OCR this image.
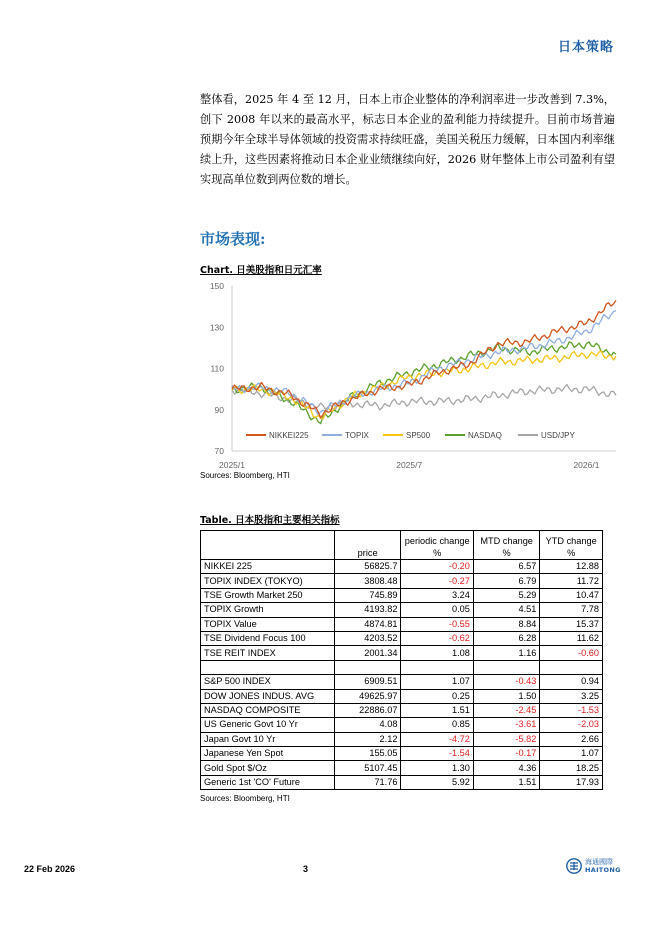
日本策略
整体看，2025 年 4 至 12 月，日本上市企业整体的净利润率进一步改善到 7.3%，创下 2008 年以来的最高水平，标志日本企业的盈利能力持续提升。目前市场普遍预期今年全球半导体领域的投资需求持续旺盛，美国关税压力缓解，日本国内利率继续上升，这些因素将推动日本企业业绩继续向好，2026 财年整体上市公司盈利有望实现高单位数到两位数的增长。
市场表现:
Chart. 日美股指和日元汇率
70
90
110
130
150
2025/1	2025/7	2026/1
NIKKEI225	TOPIX	SP500	NASDAQ	USD/JPY
Sources: Bloomberg, HTI
Table. 日本股指和主要相关指标
	price	periodic change %	MTD change %	YTD change %
NIKKEI 225	56825.7	-0.20	6.57	12.88
TOPIX INDEX (TOKYO)	3808.48	-0.27	6.79	11.72
TSE Growth Market 250	745.89	3.24	5.29	10.47
TOPIX Growth	4193.82	0.05	4.51	7.78
TOPIX Value	4874.81	-0.55	8.84	15.37
TSE Dividend Focus 100	4203.52	-0.62	6.28	11.62
TSE REIT INDEX	2001.34	1.08	1.16	-0.60

S&P 500 INDEX	6909.51	1.07	-0.43	0.94
DOW JONES INDUS. AVG	49625.97	0.25	1.50	3.25
NASDAQ COMPOSITE	22886.07	1.51	-2.45	-1.53
US Generic Govt 10 Yr	4.08	0.85	-3.61	-2.03
Japan Govt 10 Yr	2.12	-4.72	-5.82	2.66
Japanese Yen Spot	155.05	-1.54	-0.17	1.07
Gold Spot $/Oz	5107.45	1.30	4.36	18.25
Generic 1st 'CO' Future	71.76	5.92	1.51	17.93
Sources: Bloomberg, HTI
22 Feb 2026	3
海通國際
HAITONG
